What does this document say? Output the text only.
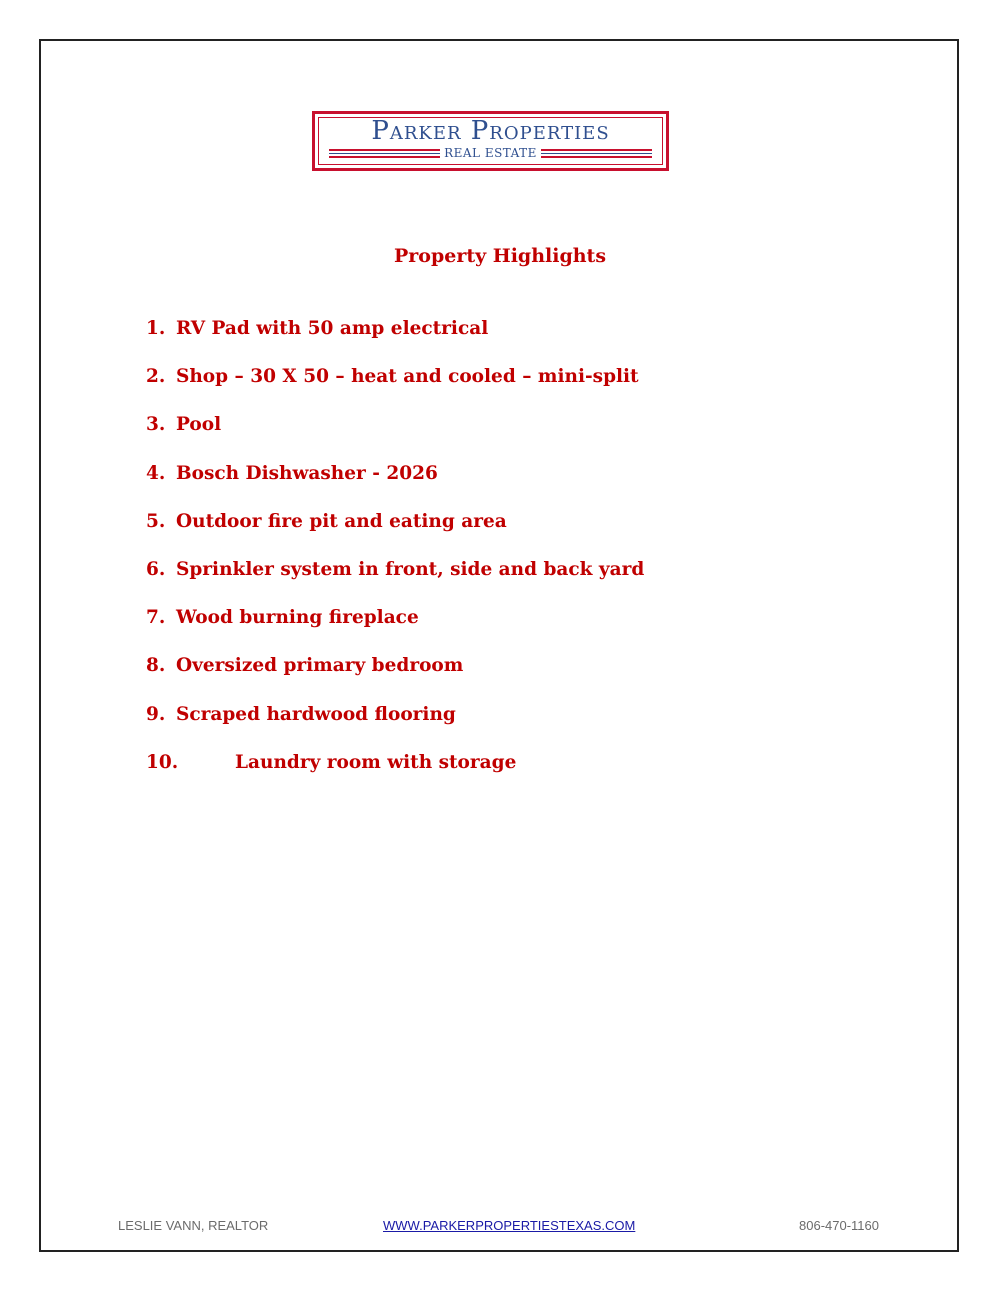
Parker Properties
REAL ESTATE
Property Highlights
1. RV Pad with 50 amp electrical
2. Shop – 30 X 50 – heat and cooled – mini-split
3. Pool
4. Bosch Dishwasher - 2026
5. Outdoor fire pit and eating area
6. Sprinkler system in front, side and back yard
7. Wood burning fireplace
8. Oversized primary bedroom
9. Scraped hardwood flooring
10.	Laundry room with storage
LESLIE VANN, REALTOR	WWW.PARKERPROPERTIESTEXAS.COM	806-470-1160
